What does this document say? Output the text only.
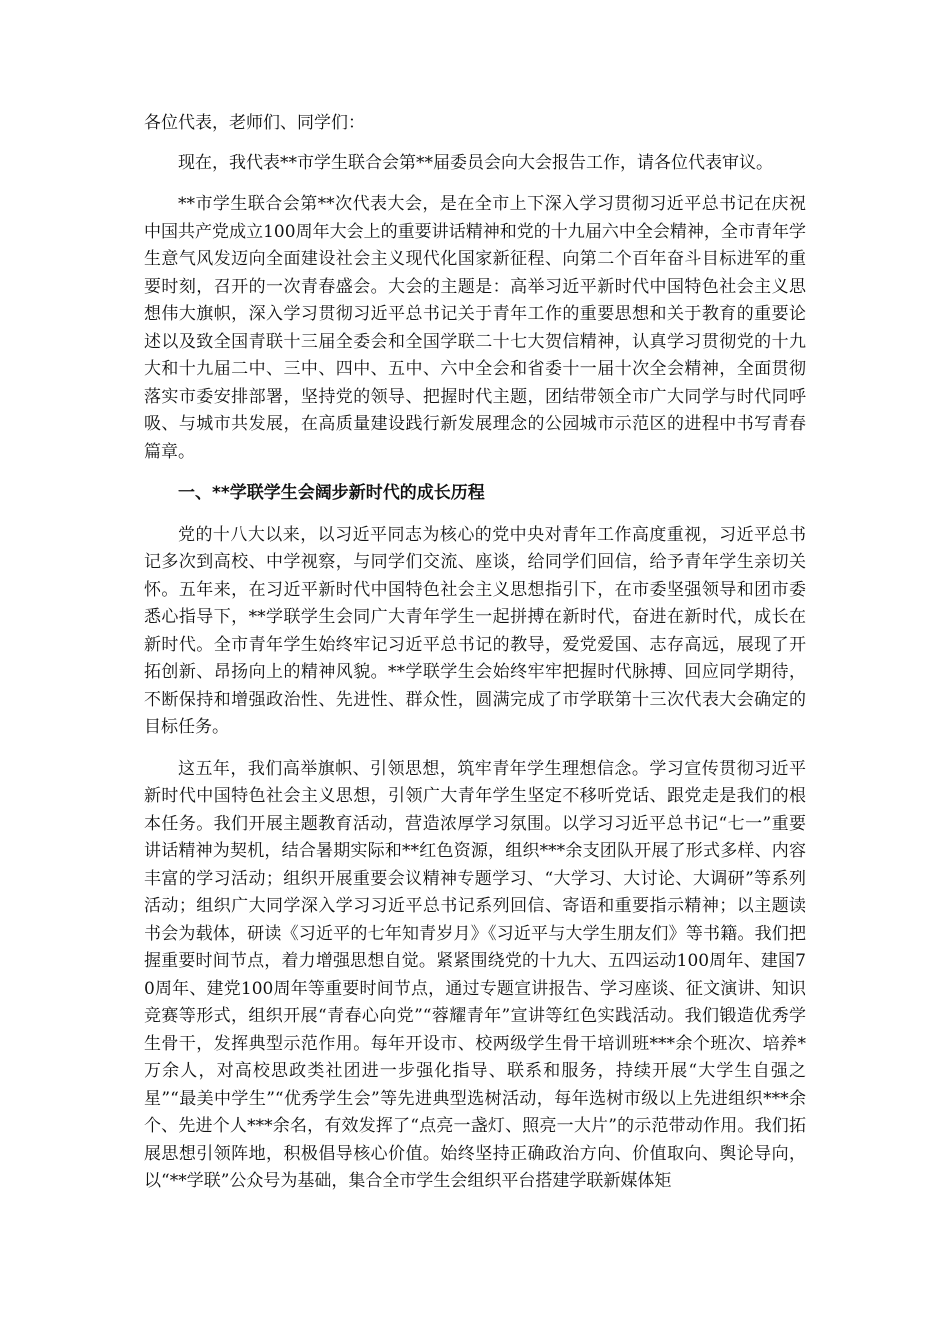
各位代表，老师们、同学们：

现在，我代表**市学生联合会第**届委员会向大会报告工作，请各位代表审议。

**市学生联合会第**次代表大会，是在全市上下深入学习贯彻习近平总书记在庆祝中国共产党成立100周年大会上的重要讲话精神和党的十九届六中全会精神，全市青年学生意气风发迈向全面建设社会主义现代化国家新征程、向第二个百年奋斗目标进军的重要时刻，召开的一次青春盛会。大会的主题是：高举习近平新时代中国特色社会主义思想伟大旗帜，深入学习贯彻习近平总书记关于青年工作的重要思想和关于教育的重要论述以及致全国青联十三届全委会和全国学联二十七大贺信精神，认真学习贯彻党的十九大和十九届二中、三中、四中、五中、六中全会和省委十一届十次全会精神，全面贯彻落实市委安排部署，坚持党的领导、把握时代主题，团结带领全市广大同学与时代同呼吸、与城市共发展，在高质量建设践行新发展理念的公园城市示范区的进程中书写青春篇章。

一、**学联学生会阔步新时代的成长历程

党的十八大以来，以习近平同志为核心的党中央对青年工作高度重视，习近平总书记多次到高校、中学视察，与同学们交流、座谈，给同学们回信，给予青年学生亲切关怀。五年来，在习近平新时代中国特色社会主义思想指引下，在市委坚强领导和团市委悉心指导下，**学联学生会同广大青年学生一起拼搏在新时代，奋进在新时代，成长在新时代。全市青年学生始终牢记习近平总书记的教导，爱党爱国、志存高远，展现了开拓创新、昂扬向上的精神风貌。**学联学生会始终牢牢把握时代脉搏、回应同学期待，不断保持和增强政治性、先进性、群众性，圆满完成了市学联第十三次代表大会确定的目标任务。

这五年，我们高举旗帜、引领思想，筑牢青年学生理想信念。学习宣传贯彻习近平新时代中国特色社会主义思想，引领广大青年学生坚定不移听党话、跟党走是我们的根本任务。我们开展主题教育活动，营造浓厚学习氛围。以学习习近平总书记“七一”重要讲话精神为契机，结合暑期实际和**红色资源，组织***余支团队开展了形式多样、内容丰富的学习活动；组织开展重要会议精神专题学习、“大学习、大讨论、大调研”等系列活动；组织广大同学深入学习习近平总书记系列回信、寄语和重要指示精神；以主题读书会为载体，研读《习近平的七年知青岁月》《习近平与大学生朋友们》等书籍。我们把握重要时间节点，着力增强思想自觉。紧紧围绕党的十九大、五四运动100周年、建国70周年、建党100周年等重要时间节点，通过专题宣讲报告、学习座谈、征文演讲、知识竞赛等形式，组织开展“青春心向党”“蓉耀青年”宣讲等红色实践活动。我们锻造优秀学生骨干，发挥典型示范作用。每年开设市、校两级学生骨干培训班***余个班次、培养*万余人，对高校思政类社团进一步强化指导、联系和服务，持续开展“大学生自强之星”“最美中学生”“优秀学生会”等先进典型选树活动，每年选树市级以上先进组织***余个、先进个人***余名，有效发挥了“点亮一盏灯、照亮一大片”的示范带动作用。我们拓展思想引领阵地，积极倡导核心价值。始终坚持正确政治方向、价值取向、舆论导向，以“**学联”公众号为基础，集合全市学生会组织平台搭建学联新媒体矩
